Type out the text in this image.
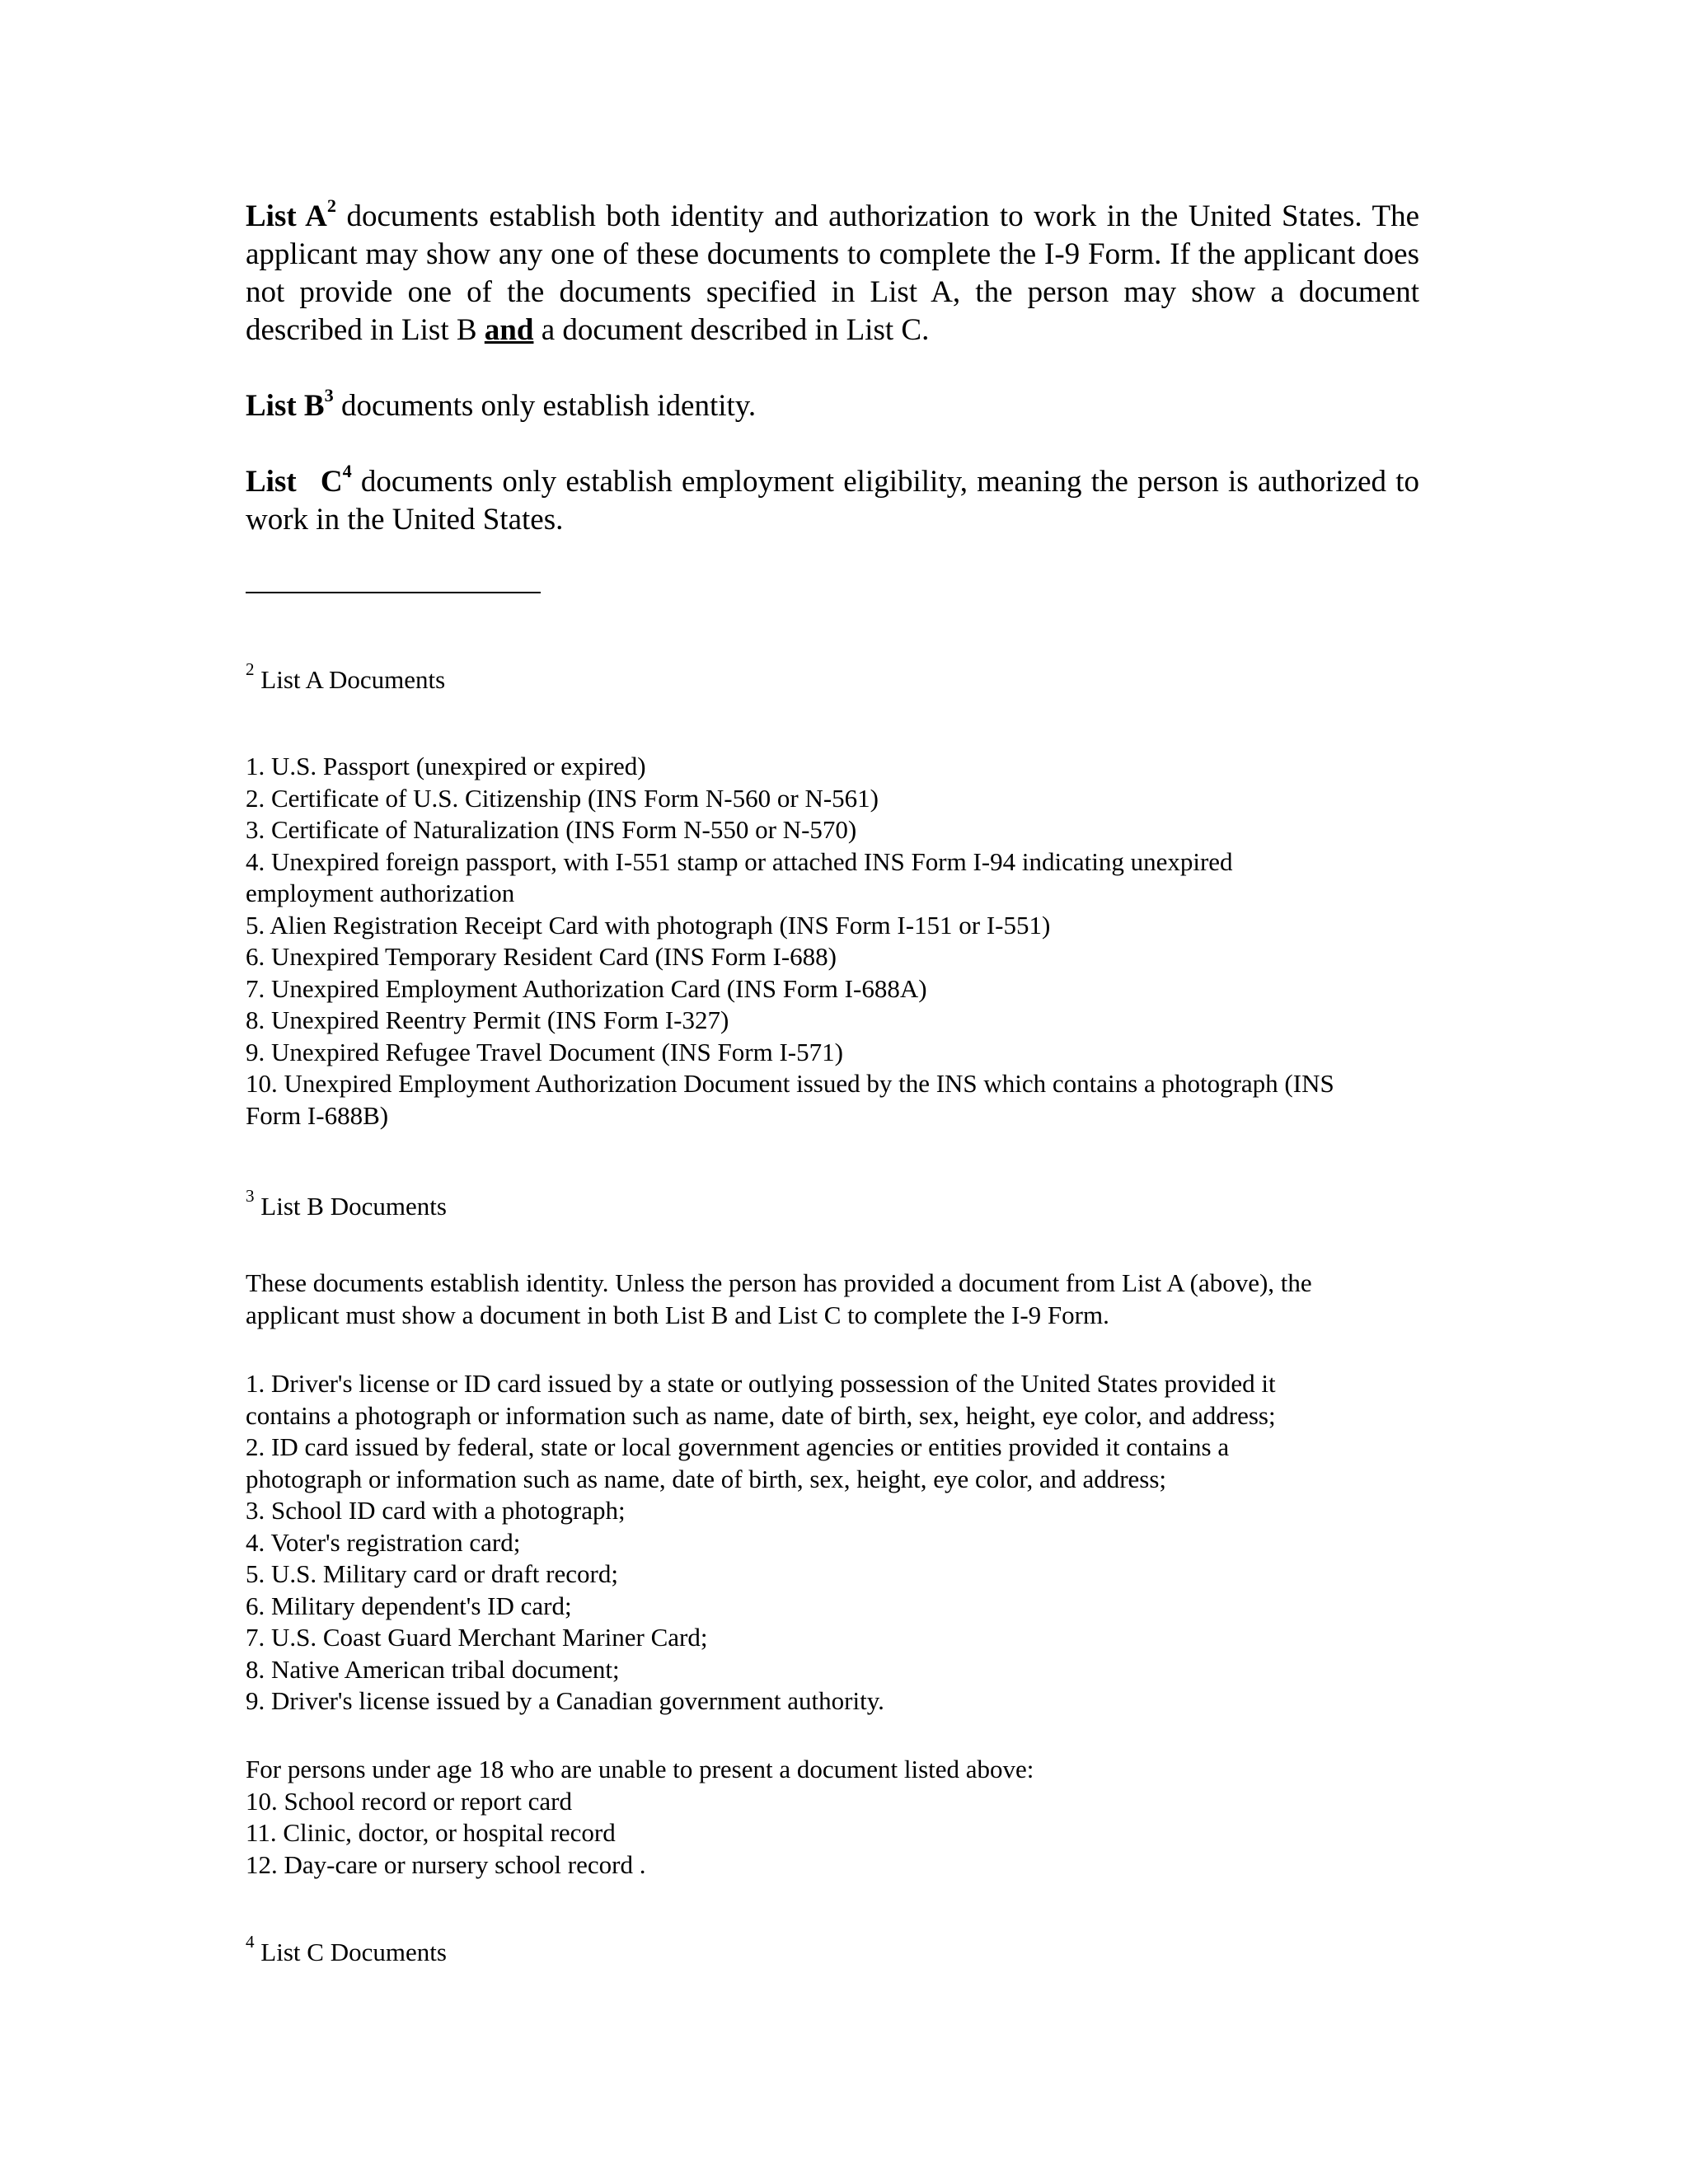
List $A^2$ documents establish both identity and authorization to work in the United States. The applicant may show any one of these documents to complete the I-9 Form. If the applicant does not provide one of the documents specified in List A, the person may show a document described in List B and a document described in List C.

List $B^3$ documents only establish identity.

List $C^4$ documents only establish employment eligibility, meaning the person is authorized to work in the United States.

$^2$ List A Documents

1. U.S. Passport (unexpired or expired)
2. Certificate of U.S. Citizenship (INS Form N-560 or N-561)
3. Certificate of Naturalization (INS Form N-550 or N-570)
4. Unexpired foreign passport, with I-551 stamp or attached INS Form I-94 indicating unexpired
employment authorization
5. Alien Registration Receipt Card with photograph (INS Form I-151 or I-551)
6. Unexpired Temporary Resident Card (INS Form I-688)
7. Unexpired Employment Authorization Card (INS Form I-688A)
8. Unexpired Reentry Permit (INS Form I-327)
9. Unexpired Refugee Travel Document (INS Form I-571)
10. Unexpired Employment Authorization Document issued by the INS which contains a photograph (INS
Form I-688B)

$^3$ List B Documents

These documents establish identity. Unless the person has provided a document from List A (above), the
applicant must show a document in both List B and List C to complete the I-9 Form.
1. Driver's license or ID card issued by a state or outlying possession of the United States provided it
contains a photograph or information such as name, date of birth, sex, height, eye color, and address;
2. ID card issued by federal, state or local government agencies or entities provided it contains a
photograph or information such as name, date of birth, sex, height, eye color, and address;
3. School ID card with a photograph;
4. Voter's registration card;
5. U.S. Military card or draft record;
6. Military dependent's ID card;
7. U.S. Coast Guard Merchant Mariner Card;
8. Native American tribal document;
9. Driver's license issued by a Canadian government authority.
For persons under age 18 who are unable to present a document listed above:
10. School record or report card
11. Clinic, doctor, or hospital record
12. Day-care or nursery school record .

$^4$ List C Documents
